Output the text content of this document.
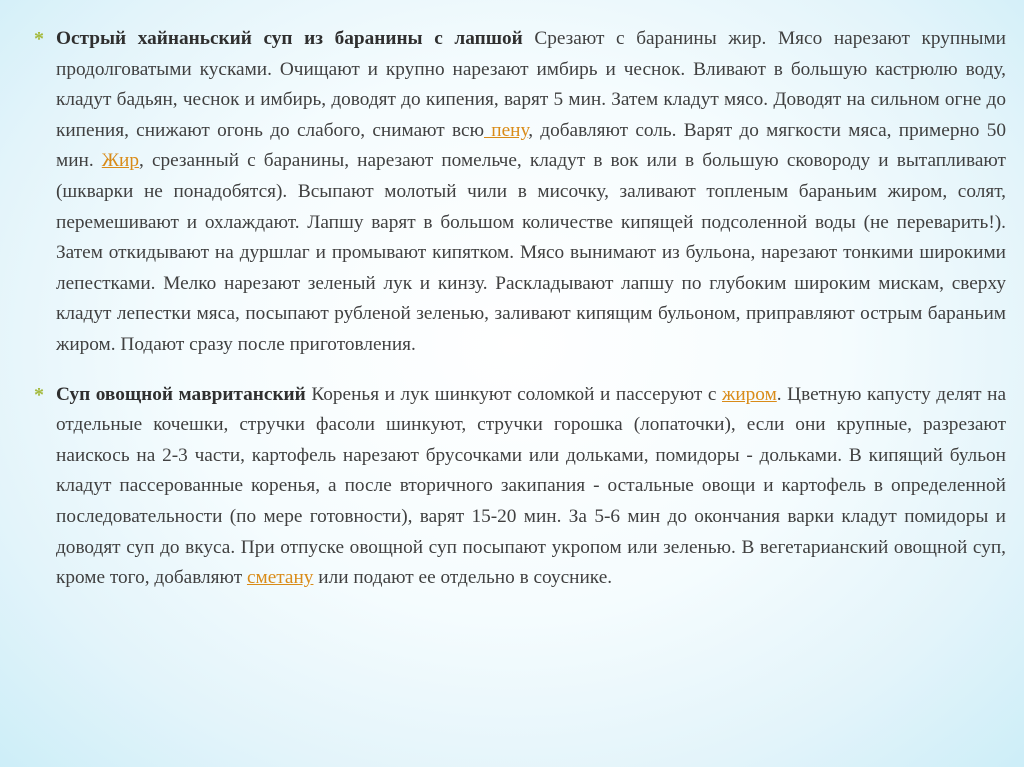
* Острый хайнаньский суп из баранины с лапшой Срезают с баранины жир. Мясо нарезают крупными продолговатыми кусками. Очищают и крупно нарезают имбирь и чеснок. Вливают в большую кастрюлю воду, кладут бадьян, чеснок и имбирь, доводят до кипения, варят 5 мин. Затем кладут мясо. Доводят на сильном огне до кипения, снижают огонь до слабого, снимают всю пену, добавляют соль. Варят до мягкости мяса, примерно 50 мин. Жир, срезанный с баранины, нарезают помельче, кладут в вок или в большую сковороду и вытапливают (шкварки не понадобятся). Всыпают молотый чили в мисочку, заливают топленым бараньим жиром, солят, перемешивают и охлаждают. Лапшу варят в большом количестве кипящей подсоленной воды (не переварить!). Затем откидывают на дуршлаг и промывают кипятком. Мясо вынимают из бульона, нарезают тонкими широкими лепестками. Мелко нарезают зеленый лук и кинзу. Раскладывают лапшу по глубоким широким мискам, сверху кладут лепестки мяса, посыпают рубленой зеленью, заливают кипящим бульоном, приправляют острым бараньим жиром. Подают сразу после приготовления.
* Суп овощной мавританский Коренья и лук шинкуют соломкой и пассеруют с жиром. Цветную капусту делят на отдельные кочешки, стручки фасоли шинкуют, стручки горошка (лопаточки), если они крупные, разрезают наискось на 2-3 части, картофель нарезают брусочками или дольками, помидоры - дольками. В кипящий бульон кладут пассерованные коренья, а после вторичного закипания - остальные овощи и картофель в определенной последовательности (по мере готовности), варят 15-20 мин. За 5-6 мин до окончания варки кладут помидоры и доводят суп до вкуса. При отпуске овощной суп посыпают укропом или зеленью. В вегетарианский овощной суп, кроме того, добавляют сметану или подают ее отдельно в соуснике.
